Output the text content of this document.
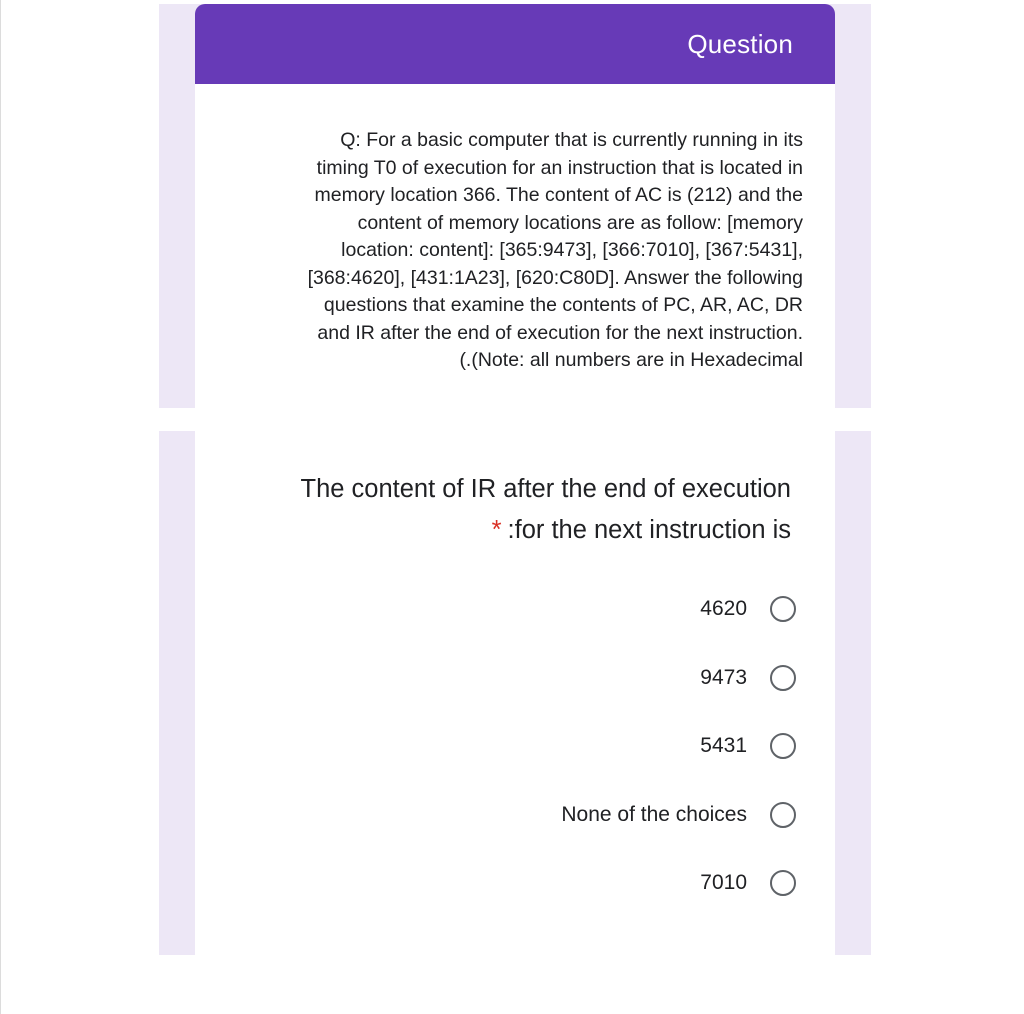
Question
Q: For a basic computer that is currently running in its
timing T0 of execution for an instruction that is located in
memory location 366. The content of AC is (212) and the
content of memory locations are as follow: [memory
location: content]: [365:9473], [366:7010], [367:5431],
[368:4620], [431:1A23], [620:C80D]. Answer the following
questions that examine the contents of PC, AR, AC, DR
and IR after the end of execution for the next instruction.
(.(Note: all numbers are in Hexadecimal
The content of IR after the end of execution
* :for the next instruction is
4620
9473
5431
None of the choices
7010
